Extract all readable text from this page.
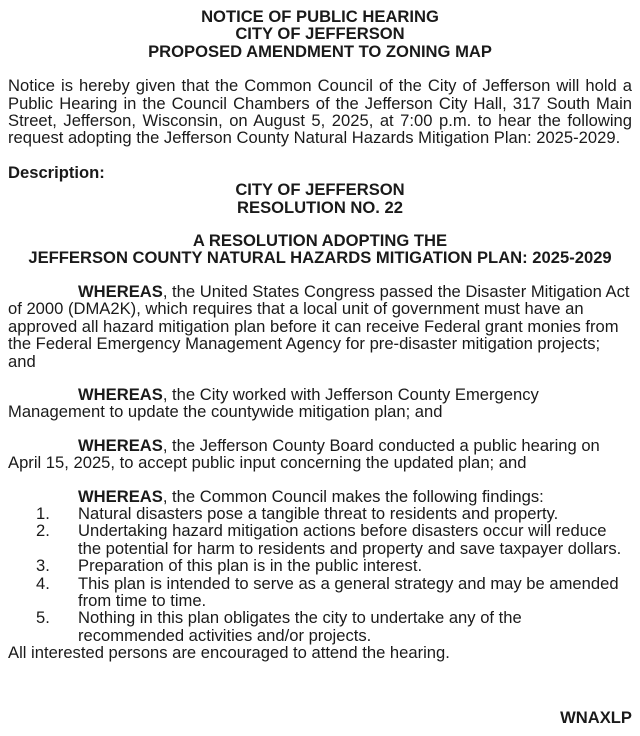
NOTICE OF PUBLIC HEARING
CITY OF JEFFERSON
PROPOSED AMENDMENT TO ZONING MAP

Notice is hereby given that the Common Council of the City of Jefferson will hold a Public Hearing in the Council Chambers of the Jefferson City Hall, 317 South Main Street, Jefferson, Wisconsin, on August 5, 2025, at 7:00 p.m. to hear the following request adopting the Jefferson County Natural Hazards Mitigation Plan: 2025-2029.

Description:
CITY OF JEFFERSON
RESOLUTION NO. 22
A RESOLUTION ADOPTING THE
JEFFERSON COUNTY NATURAL HAZARDS MITIGATION PLAN: 2025-2029

WHEREAS, the United States Congress passed the Disaster Mitigation Act of 2000 (DMA2K), which requires that a local unit of government must have an approved all hazard mitigation plan before it can receive Federal grant monies from the Federal Emergency Management Agency for pre-disaster mitigation projects; and

WHEREAS, the City worked with Jefferson County Emergency Management to update the countywide mitigation plan; and

WHEREAS, the Jefferson County Board conducted a public hearing on April 15, 2025, to accept public input concerning the updated plan; and

WHEREAS, the Common Council makes the following findings:

1.	Natural disasters pose a tangible threat to residents and property.
2.	Undertaking hazard mitigation actions before disasters occur will reduce the potential for harm to residents and property and save taxpayer dollars.
3.	Preparation of this plan is in the public interest.
4.	This plan is intended to serve as a general strategy and may be amended from time to time.
5.	Nothing in this plan obligates the city to undertake any of the recommended activities and/or projects.
All interested persons are encouraged to attend the hearing.
WNAXLP
